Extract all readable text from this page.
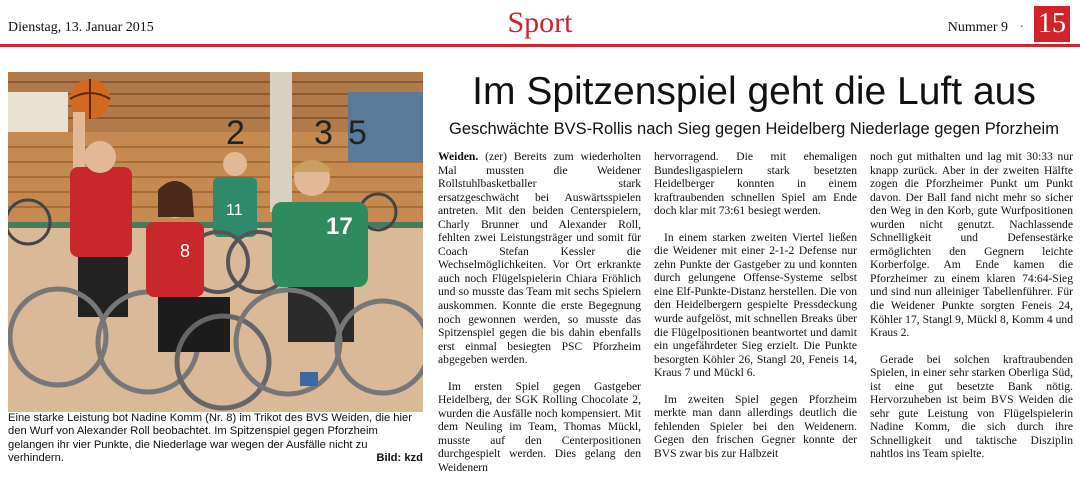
Dienstag, 13. Januar 2015	Sport	Nummer 9 · 15
2 3 5
11
8
17
Eine starke Leistung bot Nadine Komm (Nr. 8) im Trikot des BVS Weiden, die hier den Wurf von Alexander Roll beobachtet. Im Spitzenspiel gegen Pforzheim gelangen ihr vier Punkte, die Niederlage war wegen der Ausfälle nicht zu verhindern.	Bild: kzd
Im Spitzenspiel geht die Luft aus
Geschwächte BVS-Rollis nach Sieg gegen Heidelberg Niederlage gegen Pforzheim

Weiden. (zer) Bereits zum wiederholten Mal mussten die Weidener Rollstuhlbasketballer stark ersatzgeschwächt bei Auswärtsspielen antreten. Mit den beiden Centerspielern, Charly Brunner und Alexander Roll, fehlten zwei Leistungsträger und somit für Coach Stefan Kessler die Wechselmöglichkeiten. Vor Ort erkrankte auch noch Flügelspielerin Chiara Fröhlich und so musste das Team mit sechs Spielern auskommen. Konnte die erste Begegnung noch gewonnen werden, so musste das Spitzenspiel gegen die bis dahin ebenfalls erst einmal besiegten PSC Pforzheim abgegeben werden.

Im ersten Spiel gegen Gastgeber Heidelberg, der SGK Rolling Chocolate 2, wurden die Ausfälle noch kompensiert. Mit dem Neuling im Team, Thomas Mückl, musste auf den Centerpositionen durchgespielt werden. Dies gelang den Weidenern

hervorragend. Die mit ehemaligen Bundesligaspielern stark besetzten Heidelberger konnten in einem kraftraubenden schnellen Spiel am Ende doch klar mit 73:61 besiegt werden.

In einem starken zweiten Viertel ließen die Weidener mit einer 2-1-2 Defense nur zehn Punkte der Gastgeber zu und konnten durch gelungene Offense-Systeme selbst eine Elf-Punkte-Distanz herstellen. Die von den Heidelbergern gespielte Pressdeckung wurde aufgelöst, mit schnellen Breaks über die Flügelpositionen beantwortet und damit ein ungefährdeter Sieg erzielt. Die Punkte besorgten Köhler 26, Stangl 20, Feneis 14, Kraus 7 und Mückl 6.

Im zweiten Spiel gegen Pforzheim merkte man dann allerdings deutlich die fehlenden Spieler bei den Weidenern. Gegen den frischen Gegner konnte der BVS zwar bis zur Halbzeit

noch gut mithalten und lag mit 30:33 nur knapp zurück. Aber in der zweiten Hälfte zogen die Pforzheimer Punkt um Punkt davon. Der Ball fand nicht mehr so sicher den Weg in den Korb, gute Wurfpositionen wurden nicht genutzt. Nachlassende Schnelligkeit und Defensestärke ermöglichten den Gegnern leichte Korberfolge. Am Ende kamen die Pforzheimer zu einem klaren 74:64-Sieg und sind nun alleiniger Tabellenführer. Für die Weidener Punkte sorgten Feneis 24, Köhler 17, Stangl 9, Mückl 8, Komm 4 und Kraus 2.

Gerade bei solchen kraftraubenden Spielen, in einer sehr starken Oberliga Süd, ist eine gut besetzte Bank nötig. Hervorzuheben ist beim BVS Weiden die sehr gute Leistung von Flügelspielerin Nadine Komm, die sich durch ihre Schnelligkeit und taktische Disziplin nahtlos ins Team spielte.
